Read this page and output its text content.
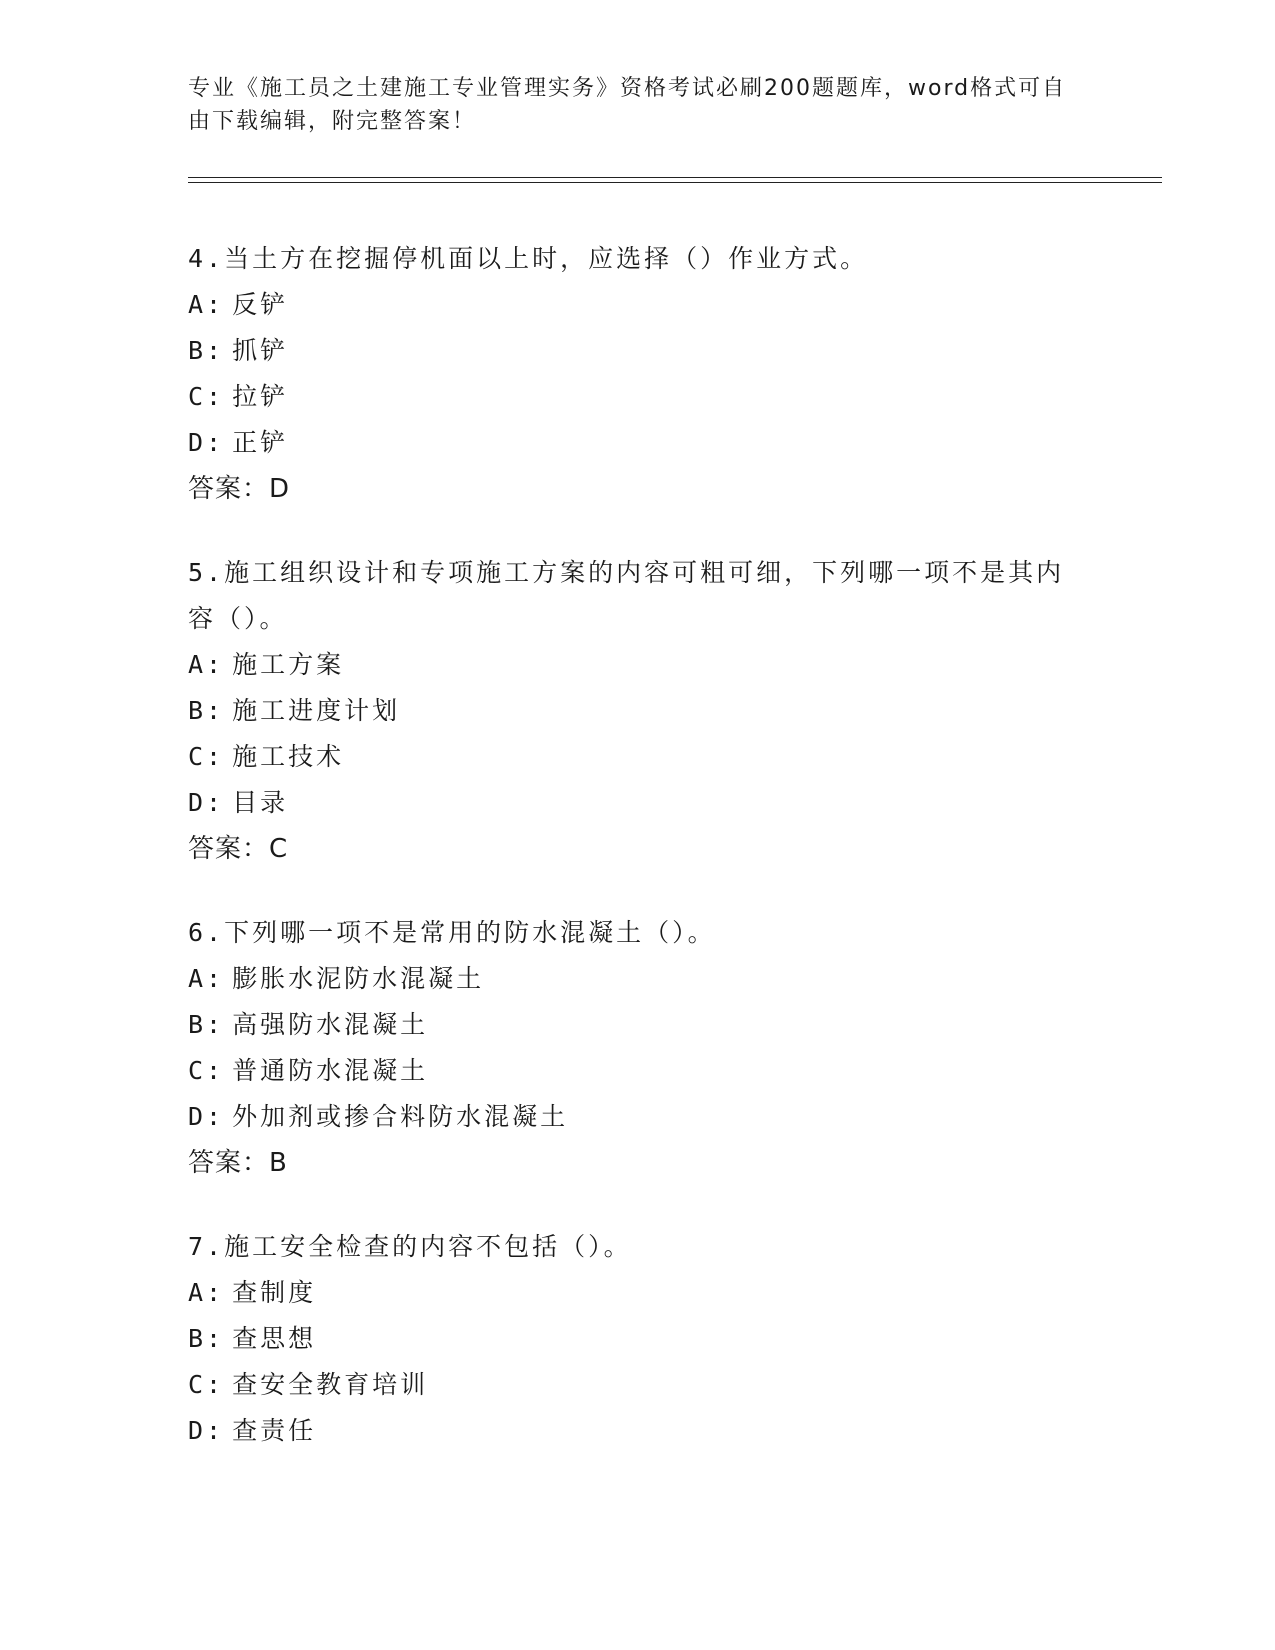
专业《施工员之土建施工专业管理实务》资格考试必刷200题题库，word格式可自由下载编辑，附完整答案！
4.当土方在挖掘停机面以上时，应选择（）作业方式。
A: 反铲
B: 抓铲
C: 拉铲
D: 正铲
答案：D
5.施工组织设计和专项施工方案的内容可粗可细，下列哪一项不是其内容（）。
A: 施工方案
B: 施工进度计划
C: 施工技术
D: 目录
答案：C
6.下列哪一项不是常用的防水混凝土（）。
A: 膨胀水泥防水混凝土
B: 高强防水混凝土
C: 普通防水混凝土
D: 外加剂或掺合料防水混凝土
答案：B
7.施工安全检查的内容不包括（）。
A: 查制度
B: 查思想
C: 查安全教育培训
D: 查责任
